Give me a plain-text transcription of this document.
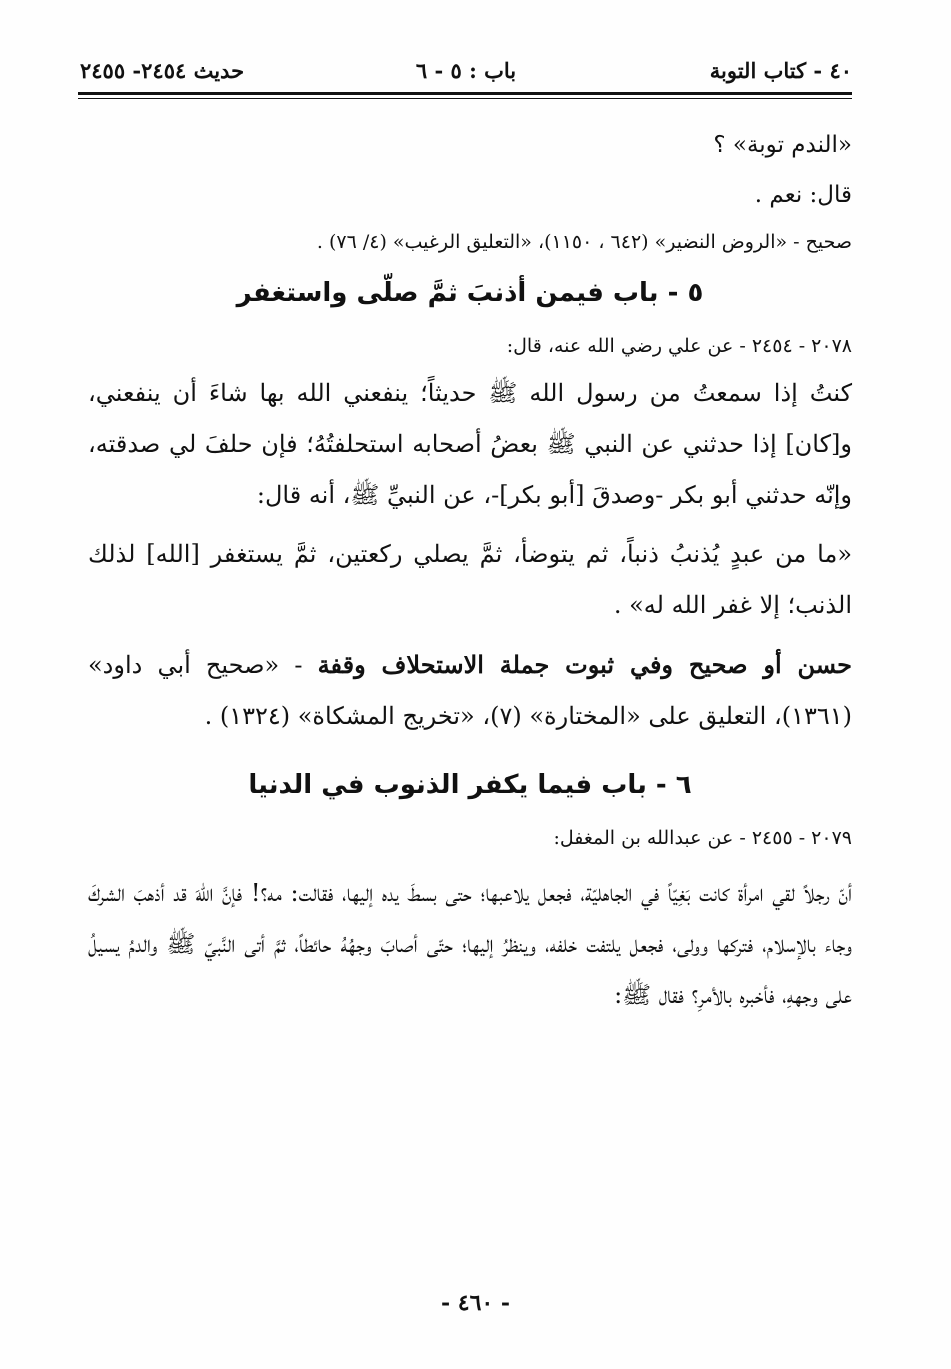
٤٠ - كتاب التوبة
باب : ٥ - ٦
حديث ٢٤٥٤- ٢٤٥٥

«الندم توبة» ؟

قال: نعم .

صحيح - «الروض النضير» (٦٤٢ ، ١١٥٠)، «التعليق الرغيب» (٤/ ٧٦) .

٥ - باب فيمن أذنبَ ثمَّ صلّى واستغفر

٢٠٧٨ - ٢٤٥٤ - عن علي رضي الله عنه، قال:

كنتُ إذا سمعتُ من رسول الله ﷺ حديثاً؛ ينفعني الله بها شاءَ أن ينفعني، و[كان] إذا حدثني عن النبي ﷺ بعضُ أصحابه استحلفتُهُ؛ فإن حلفَ لي صدقته، وإنّه حدثني أبو بكر -وصدقَ [أبو بكر]-، عن النبيِّ ﷺ، أنه قال:

«ما من عبدٍ يُذنبُ ذنباً، ثم يتوضأ، ثمَّ يصلي ركعتين، ثمَّ يستغفر [الله] لذلك الذنب؛ إلا غفر الله له» .

حسن أو صحيح وفي ثبوت جملة الاستحلاف وقفة - «صحيح أبي داود» (١٣٦١)، التعليق على «المختارة» (٧)، «تخريج المشكاة» (١٣٢٤) .

٦ - باب فيما يكفر الذنوب في الدنيا

٢٠٧٩ - ٢٤٥٥ - عن عبدالله بن المغفل:

أنّ رجلاً لقي امرأة كانت بَغِيّاً في الجاهليّة، فجعل يلاعبها؛ حتى بسطَ يده إليها، فقالت: مه؟! فإنَّ اللهَ قد أذهبَ الشركَ وجاء بالإسلام، فتركها وولى، فجعل يلتفت خلفه، وينظرُ إليها؛ حتّى أصابَ وجهُهُ حائطاً، ثمَّ أتى النَّبيّ ﷺ والدمُ يسيلُ على وجههِ، فأخبره بالأمرِ؟ فقال ﷺ:

- ٤٦٠ -
